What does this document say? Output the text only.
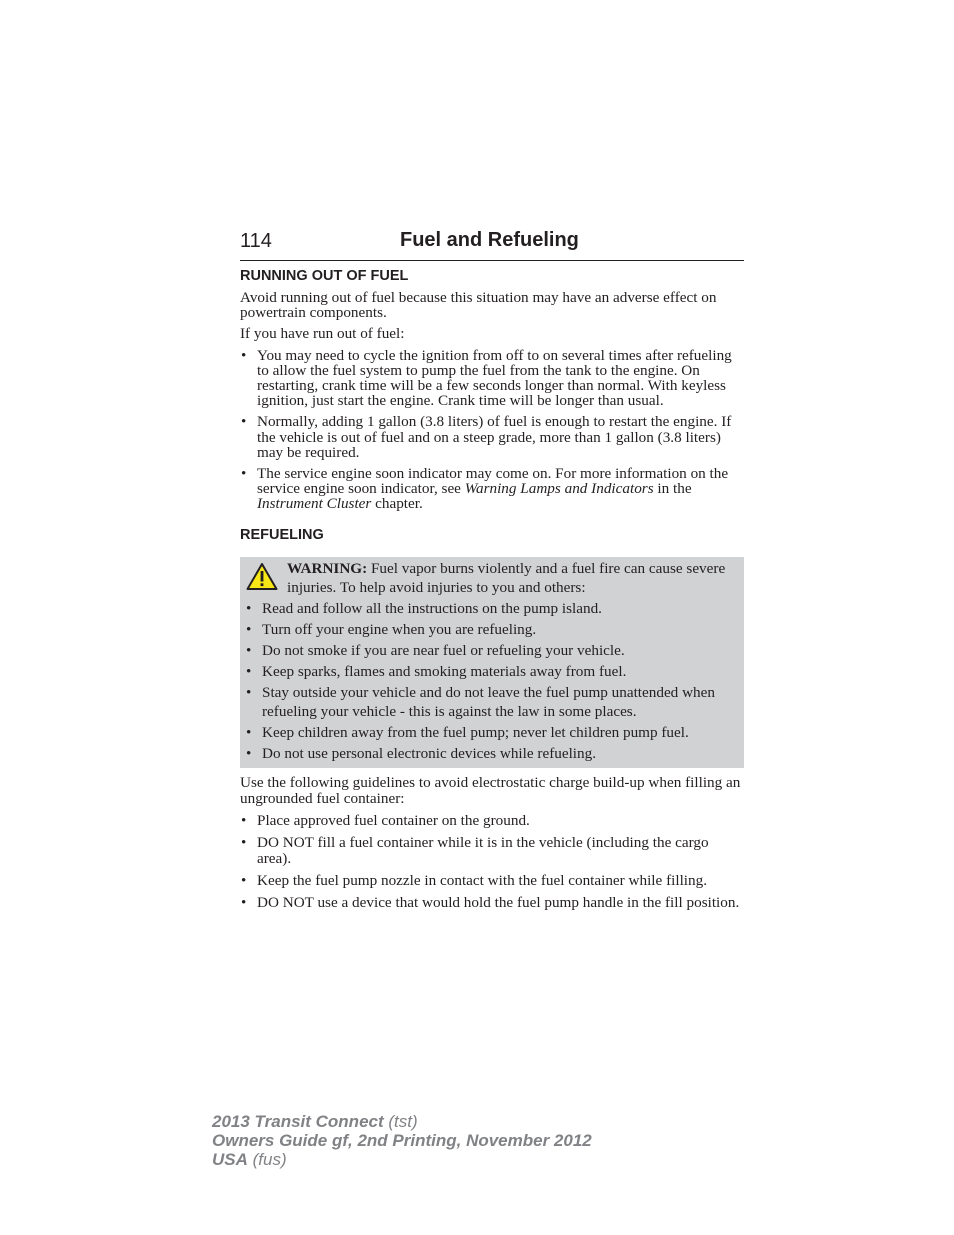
114	Fuel and Refueling
RUNNING OUT OF FUEL

Avoid running out of fuel because this situation may have an adverse effect on powertrain components.

If you have run out of fuel:

• You may need to cycle the ignition from off to on several times after refueling to allow the fuel system to pump the fuel from the tank to the engine. On restarting, crank time will be a few seconds longer than normal. With keyless ignition, just start the engine. Crank time will be longer than usual.
• Normally, adding 1 gallon (3.8 liters) of fuel is enough to restart the engine. If the vehicle is out of fuel and on a steep grade, more than 1 gallon (3.8 liters) may be required.
• The service engine soon indicator may come on. For more information on the service engine soon indicator, see Warning Lamps and Indicators in the Instrument Cluster chapter.
REFUELING

WARNING: Fuel vapor burns violently and a fuel fire can cause severe injuries. To help avoid injuries to you and others:

• Read and follow all the instructions on the pump island.
• Turn off your engine when you are refueling.
• Do not smoke if you are near fuel or refueling your vehicle.
• Keep sparks, flames and smoking materials away from fuel.
• Stay outside your vehicle and do not leave the fuel pump unattended when refueling your vehicle - this is against the law in some places.
• Keep children away from the fuel pump; never let children pump fuel.
• Do not use personal electronic devices while refueling.

Use the following guidelines to avoid electrostatic charge build-up when filling an ungrounded fuel container:

• Place approved fuel container on the ground.
• DO NOT fill a fuel container while it is in the vehicle (including the cargo area).
• Keep the fuel pump nozzle in contact with the fuel container while filling.
• DO NOT use a device that would hold the fuel pump handle in the fill position.
2013 Transit Connect (tst)
Owners Guide gf, 2nd Printing, November 2012
USA (fus)
